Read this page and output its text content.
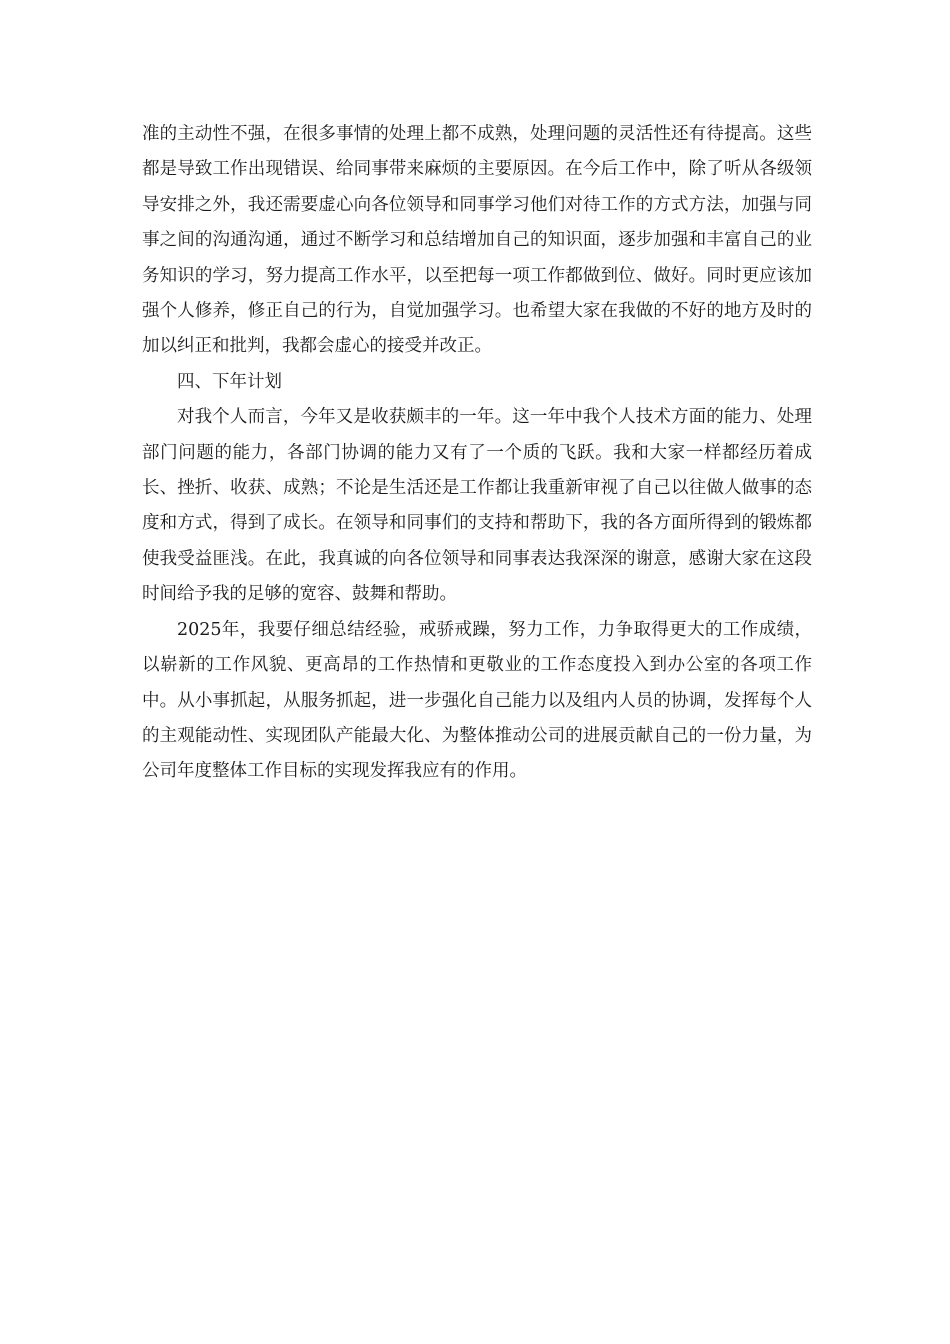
准的主动性不强，在很多事情的处理上都不成熟，处理问题的灵活性还有待提高。这些都是导致工作出现错误、给同事带来麻烦的主要原因。在今后工作中，除了听从各级领导安排之外，我还需要虚心向各位领导和同事学习他们对待工作的方式方法，加强与同事之间的沟通沟通，通过不断学习和总结增加自己的知识面，逐步加强和丰富自己的业务知识的学习，努力提高工作水平，以至把每一项工作都做到位、做好。同时更应该加强个人修养，修正自己的行为，自觉加强学习。也希望大家在我做的不好的地方及时的加以纠正和批判，我都会虚心的接受并改正。

四、下年计划

对我个人而言，今年又是收获颇丰的一年。这一年中我个人技术方面的能力、处理部门问题的能力，各部门协调的能力又有了一个质的飞跃。我和大家一样都经历着成长、挫折、收获、成熟；不论是生活还是工作都让我重新审视了自己以往做人做事的态度和方式，得到了成长。在领导和同事们的支持和帮助下，我的各方面所得到的锻炼都使我受益匪浅。在此，我真诚的向各位领导和同事表达我深深的谢意，感谢大家在这段时间给予我的足够的宽容、鼓舞和帮助。

2025年，我要仔细总结经验，戒骄戒躁，努力工作，力争取得更大的工作成绩，以崭新的工作风貌、更高昂的工作热情和更敬业的工作态度投入到办公室的各项工作中。从小事抓起，从服务抓起，进一步强化自己能力以及组内人员的协调，发挥每个人的主观能动性、实现团队产能最大化、为整体推动公司的进展贡献自己的一份力量，为公司年度整体工作目标的实现发挥我应有的作用。
